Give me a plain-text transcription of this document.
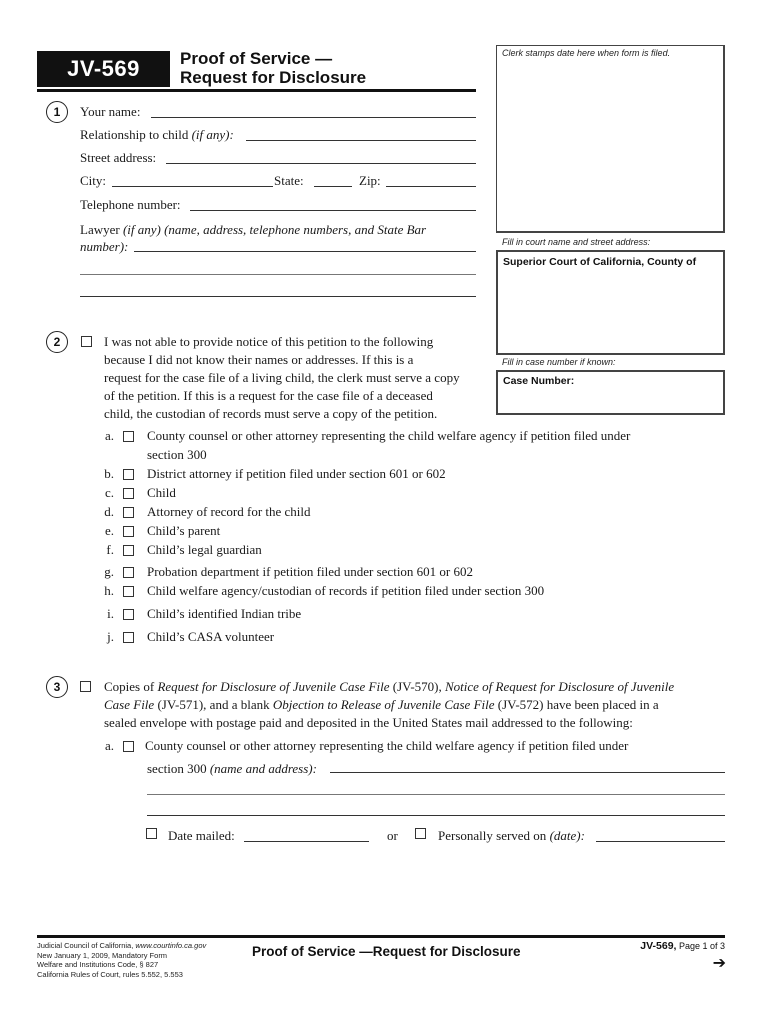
JV-569	Proof of Service —
Request for Disclosure
Clerk stamps date here when form is filed.
Fill in court name and street address:
Superior Court of California, County of
Fill in case number if known:
Case Number:
1	Your name:
Relationship to child (if any):
Street address:
City:	State:	Zip:
Telephone number:
Lawyer (if any) (name, address, telephone numbers, and State Bar
number):
2	I was not able to provide notice of this petition to the following
because I did not know their names or addresses. If this is a
request for the case file of a living child, the clerk must serve a copy
of the petition. If this is a request for the case file of a deceased
child, the custodian of records must serve a copy of the petition.
a.	County counsel or other attorney representing the child welfare agency if petition filed under
section 300
b.	District attorney if petition filed under section 601 or 602
c.	Child
d.	Attorney of record for the child
e.	Child’s parent
f.	Child’s legal guardian
g.	Probation department if petition filed under section 601 or 602
h.	Child welfare agency/custodian of records if petition filed under section 300
i.	Child’s identified Indian tribe
j.	Child’s CASA volunteer
3	Copies of Request for Disclosure of Juvenile Case File (JV-570), Notice of Request for Disclosure of Juvenile
Case File (JV-571), and a blank Objection to Release of Juvenile Case File (JV-572) have been placed in a
sealed envelope with postage paid and deposited in the United States mail addressed to the following:
a. County counsel or other attorney representing the child welfare agency if petition filed under
section 300 (name and address):
Date mailed:	or	Personally served on (date):
Judicial Council of California, www.courtinfo.ca.gov
New January 1, 2009, Mandatory Form
Welfare and Institutions Code, § 827
California Rules of Court, rules 5.552, 5.553
Proof of Service —Request for Disclosure	JV-569, Page 1 of 3
➔
